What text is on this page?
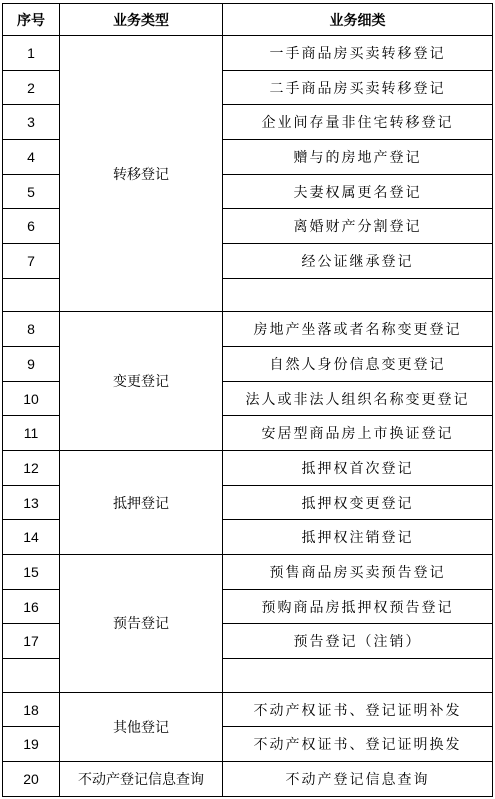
序号	业务类型	业务细类
1	转移登记	一手商品房买卖转移登记
2		二手商品房买卖转移登记
3		企业间存量非住宅转移登记
4		赠与的房地产登记
5		夫妻权属更名登记
6		离婚财产分割登记
7		经公证继承登记

8	变更登记	房地产坐落或者名称变更登记
9		自然人身份信息变更登记
10		法人或非法人组织名称变更登记
11		安居型商品房上市换证登记
12	抵押登记	抵押权首次登记
13		抵押权变更登记
14		抵押权注销登记
15	预告登记	预售商品房买卖预告登记
16		预购商品房抵押权预告登记
17		预告登记（注销）

18	其他登记	不动产权证书、登记证明补发
19		不动产权证书、登记证明换发
20	不动产登记信息查询	不动产登记信息查询
